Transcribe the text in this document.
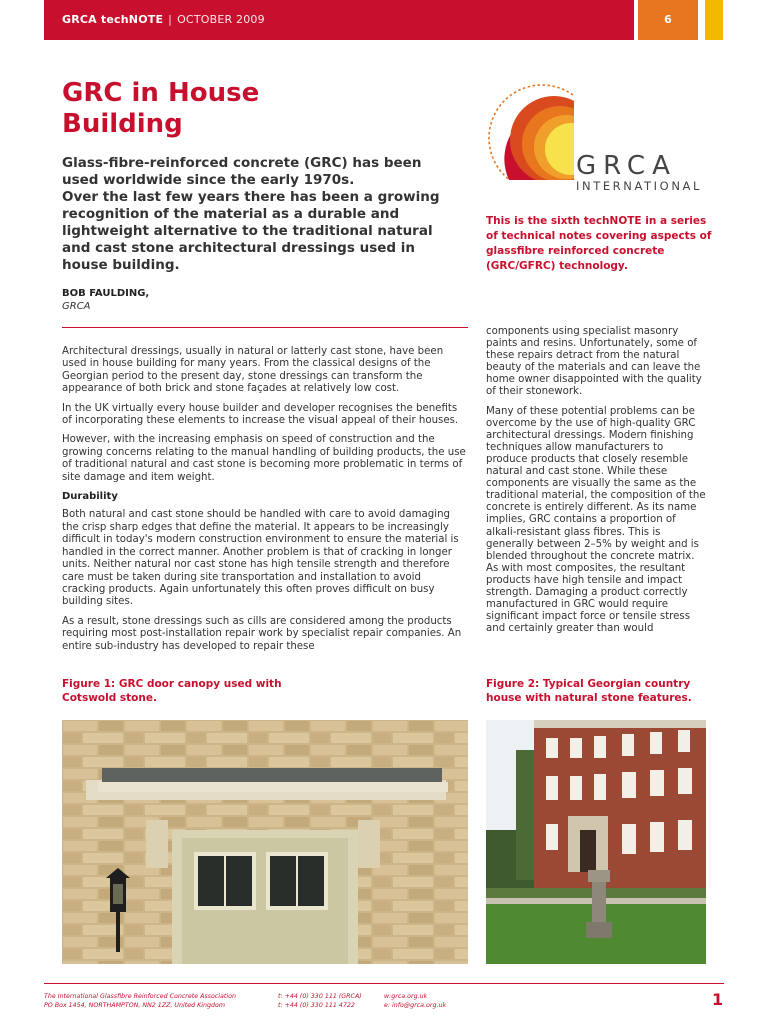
GRCA techNOTE | OCTOBER 2009	6
GRC in House
Building

Glass-fibre-reinforced concrete (GRC) has been used worldwide since the early 1970s.

Over the last few years there has been a growing recognition of the material as a durable and lightweight alternative to the traditional natural and cast stone architectural dressings used in house building.

BOB FAULDING,
GRCA
GRCA
INTERNATIONAL
This is the sixth techNOTE in a series of technical notes covering aspects of glassfibre reinforced concrete (GRC/GFRC) technology.

Architectural dressings, usually in natural or latterly cast stone, have been used in house building for many years. From the classical designs of the Georgian period to the present day, stone dressings can transform the appearance of both brick and stone façades at relatively low cost.

In the UK virtually every house builder and developer recognises the benefits of incorporating these elements to increase the visual appeal of their houses.

However, with the increasing emphasis on speed of construction and the growing concerns relating to the manual handling of building products, the use of traditional natural and cast stone is becoming more problematic in terms of site damage and item weight.

Durability

Both natural and cast stone should be handled with care to avoid damaging the crisp sharp edges that define the material. It appears to be increasingly difficult in today's modern construction environment to ensure the material is handled in the correct manner. Another problem is that of cracking in longer units. Neither natural nor cast stone has high tensile strength and therefore care must be taken during site transportation and installation to avoid cracking products. Again unfortunately this often proves difficult on busy building sites.

As a result, stone dressings such as cills are considered among the products requiring most post-installation repair work by specialist repair companies. An entire sub-industry has developed to repair these

components using specialist masonry paints and resins. Unfortunately, some of these repairs detract from the natural beauty of the materials and can leave the home owner disappointed with the quality of their stonework.

Many of these potential problems can be overcome by the use of high-quality GRC architectural dressings. Modern finishing techniques allow manufacturers to produce products that closely resemble natural and cast stone. While these components are visually the same as the traditional material, the composition of the concrete is entirely different. As its name implies, GRC contains a proportion of alkali-resistant glass fibres. This is generally between 2–5% by weight and is blended throughout the concrete matrix. As with most composites, the resultant products have high tensile and impact strength. Damaging a product correctly manufactured in GRC would require significant impact force or tensile stress and certainly greater than would

Figure 1: GRC door canopy used with Cotswold stone.
Figure 2: Typical Georgian country house with natural stone features.
The International Glassfibre Reinforced Concrete Association
PO Box 1454, NORTHAMPTON, NN2 1ZZ, United Kingdom
t: +44 (0) 330 111 (GRCA)
t: +44 (0) 330 111 4722
w:grca.org.uk
e: info@grca.org.uk	1
